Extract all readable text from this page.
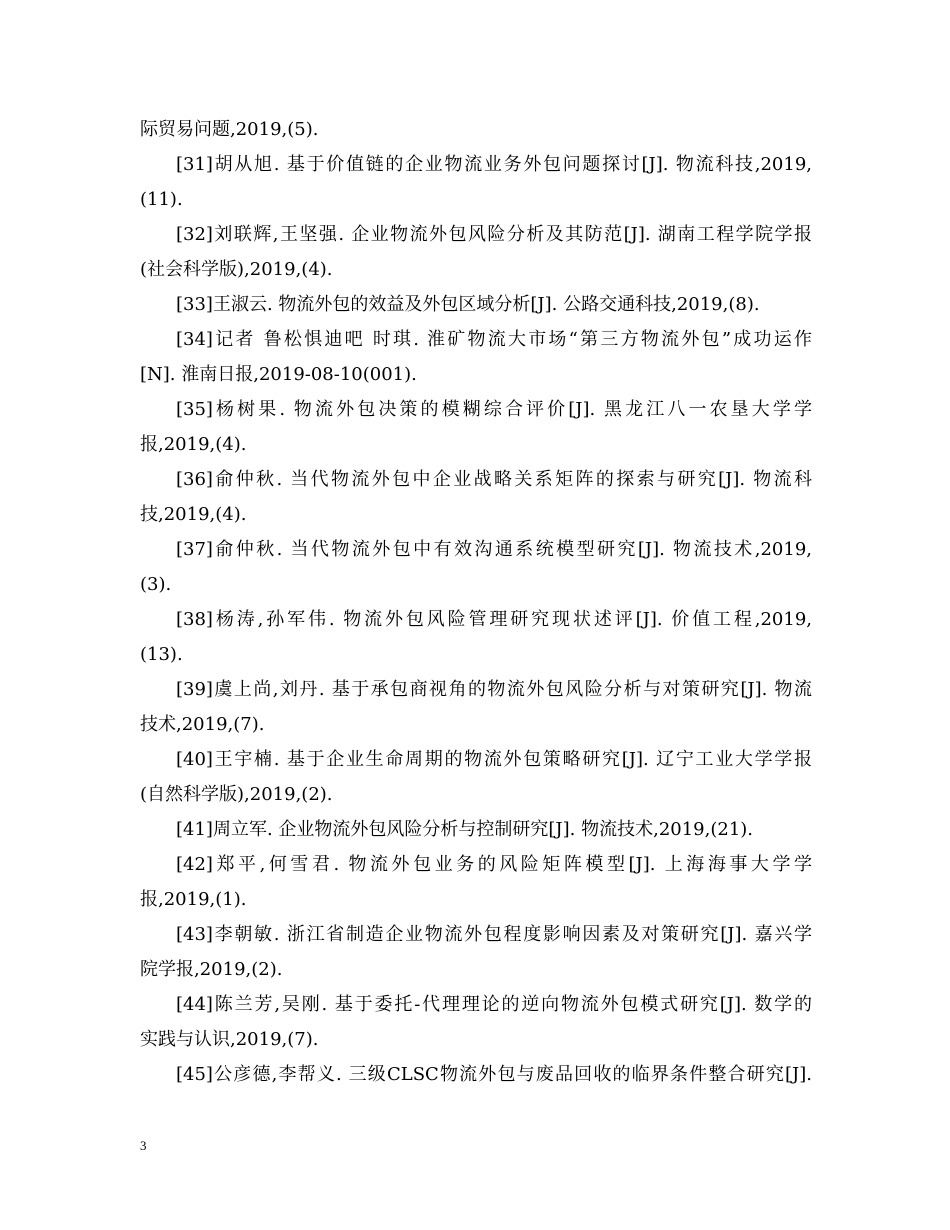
际贸易问题,2019,(5).
[31]胡从旭. 基于价值链的企业物流业务外包问题探讨[J]. 物流科技,2019,
(11).
[32]刘联辉,王坚强. 企业物流外包风险分析及其防范[J]. 湖南工程学院学报
(社会科学版),2019,(4).
[33]王淑云. 物流外包的效益及外包区域分析[J]. 公路交通科技,2019,(8).
[34]记者 鲁松惧迪吧 时琪. 淮矿物流大市场“第三方物流外包”成功运作
[N]. 淮南日报,2019-08-10(001).
[35]杨树果. 物流外包决策的模糊综合评价[J]. 黑龙江八一农垦大学学
报,2019,(4).
[36]俞仲秋. 当代物流外包中企业战略关系矩阵的探索与研究[J]. 物流科
技,2019,(4).
[37]俞仲秋. 当代物流外包中有效沟通系统模型研究[J]. 物流技术,2019,
(3).
[38]杨涛,孙军伟. 物流外包风险管理研究现状述评[J]. 价值工程,2019,
(13).
[39]虞上尚,刘丹. 基于承包商视角的物流外包风险分析与对策研究[J]. 物流
技术,2019,(7).
[40]王宇楠. 基于企业生命周期的物流外包策略研究[J]. 辽宁工业大学学报
(自然科学版),2019,(2).
[41]周立军. 企业物流外包风险分析与控制研究[J]. 物流技术,2019,(21).
[42]郑平,何雪君. 物流外包业务的风险矩阵模型[J]. 上海海事大学学
报,2019,(1).
[43]李朝敏. 浙江省制造企业物流外包程度影响因素及对策研究[J]. 嘉兴学
院学报,2019,(2).
[44]陈兰芳,吴刚. 基于委托-代理理论的逆向物流外包模式研究[J]. 数学的
实践与认识,2019,(7).
[45]公彦德,李帮义. 三级CLSC物流外包与废品回收的临界条件整合研究[J].
3
